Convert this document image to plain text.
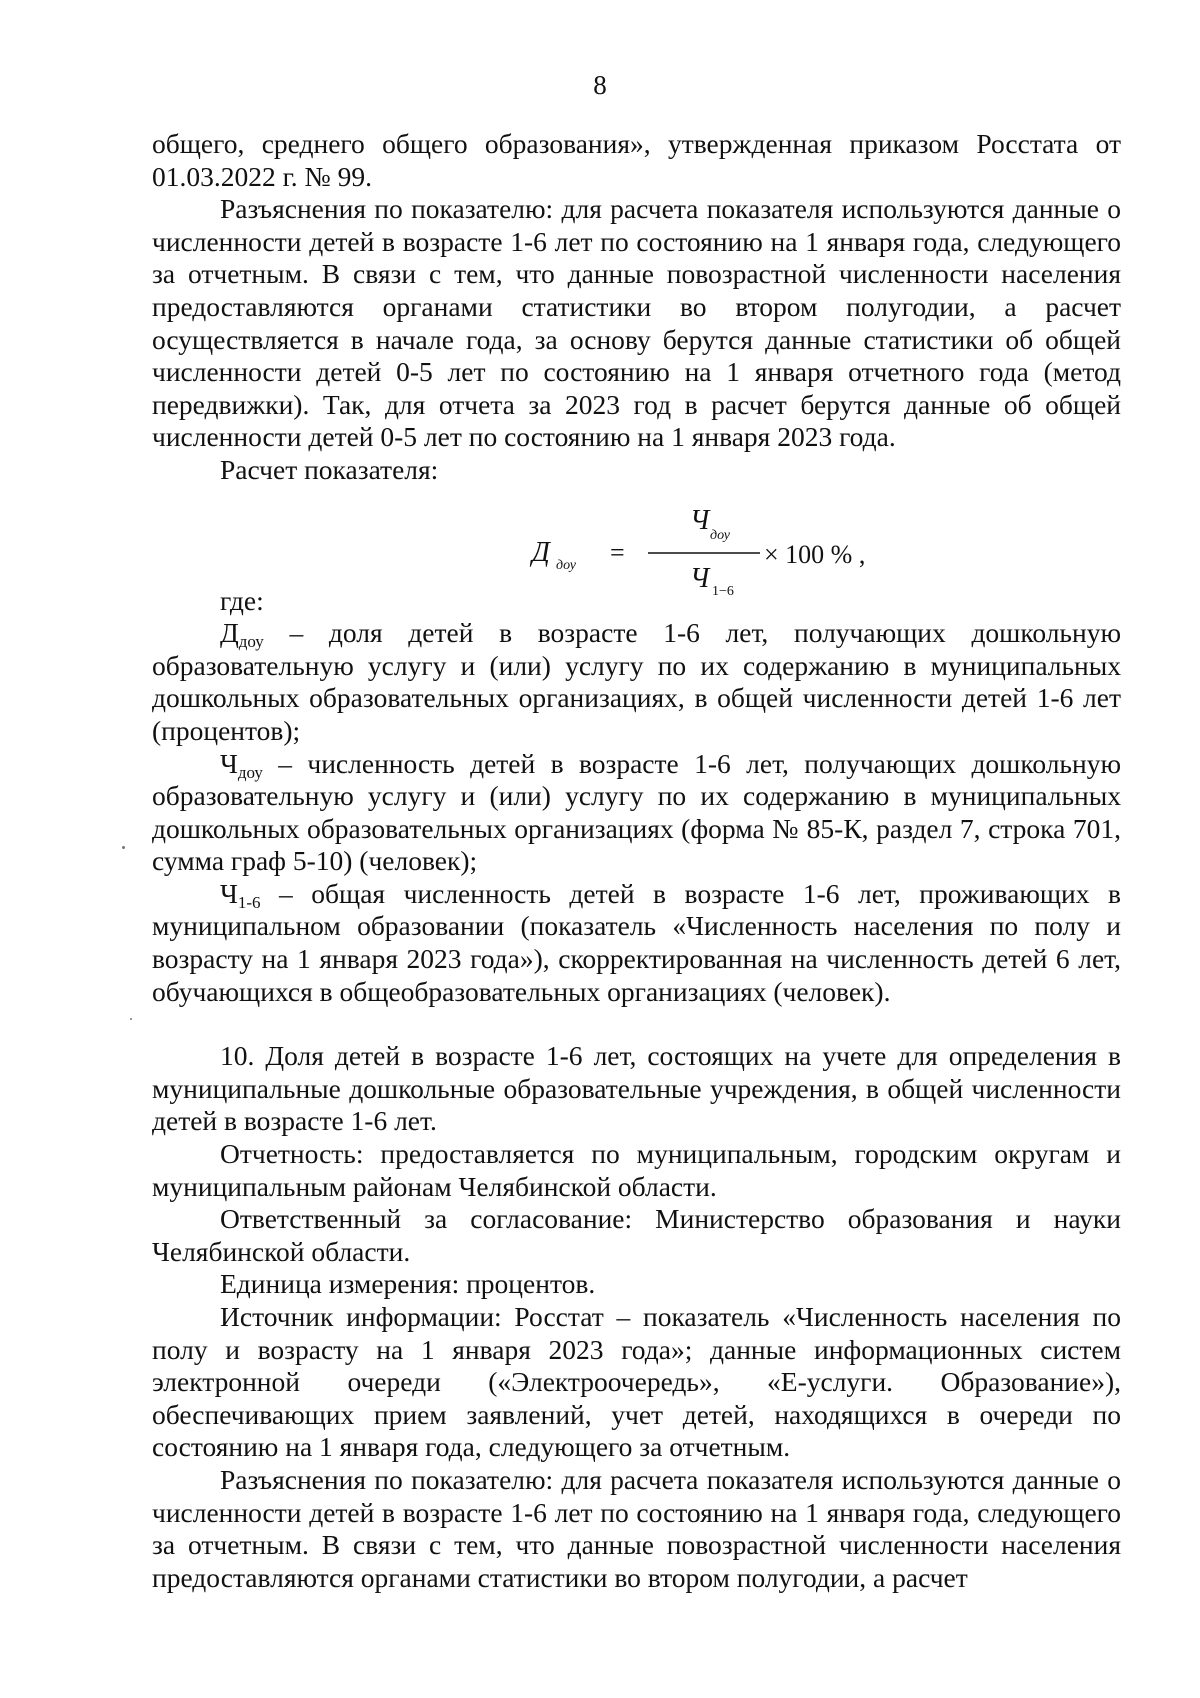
8

общего, среднего общего образования», утвержденная приказом Росстата от 01.03.2022 г. № 99.

Разъяснения по показателю: для расчета показателя используются данные о численности детей в возрасте 1-6 лет по состоянию на 1 января года, следующего за отчетным. В связи с тем, что данные повозрастной численности населения предоставляются органами статистики во втором полугодии, а расчет осуществляется в начале года, за основу берутся данные статистики об общей численности детей 0-5 лет по состоянию на 1 января отчетного года (метод передвижки). Так, для отчета за 2023 год в расчет берутся данные об общей численности детей 0-5 лет по состоянию на 1 января 2023 года.

Расчет показателя:

Ч доу
Д доу	Ч
=
1−6
× 100 % ,

где:

$Д_{доу}$ – доля детей в возрасте 1-6 лет, получающих дошкольную образовательную услугу и (или) услугу по их содержанию в муниципальных дошкольных образовательных организациях, в общей численности детей 1-6 лет (процентов);

$Ч_{доу}$ – численность детей в возрасте 1-6 лет, получающих дошкольную образовательную услугу и (или) услугу по их содержанию в муниципальных дошкольных образовательных организациях (форма № 85-К, раздел 7, строка 701, сумма граф 5-10) (человек);

$Ч_{1-6}$ – общая численность детей в возрасте 1-6 лет, проживающих в муниципальном образовании (показатель «Численность населения по полу и возрасту на 1 января 2023 года»), скорректированная на численность детей 6 лет, обучающихся в общеобразовательных организациях (человек).

10. Доля детей в возрасте 1-6 лет, состоящих на учете для определения в муниципальные дошкольные образовательные учреждения, в общей численности детей в возрасте 1-6 лет.

Отчетность: предоставляется по муниципальным, городским округам и муниципальным районам Челябинской области.

Ответственный за согласование: Министерство образования и науки Челябинской области.

Единица измерения: процентов.

Источник информации: Росстат – показатель «Численность населения по полу и возрасту на 1 января 2023 года»; данные информационных систем электронной очереди («Электроочередь», «Е-услуги. Образование»), обеспечивающих прием заявлений, учет детей, находящихся в очереди по состоянию на 1 января года, следующего за отчетным.

Разъяснения по показателю: для расчета показателя используются данные о численности детей в возрасте 1-6 лет по состоянию на 1 января года, следующего за отчетным. В связи с тем, что данные повозрастной численности населения предоставляются органами статистики во втором полугодии, а расчет
